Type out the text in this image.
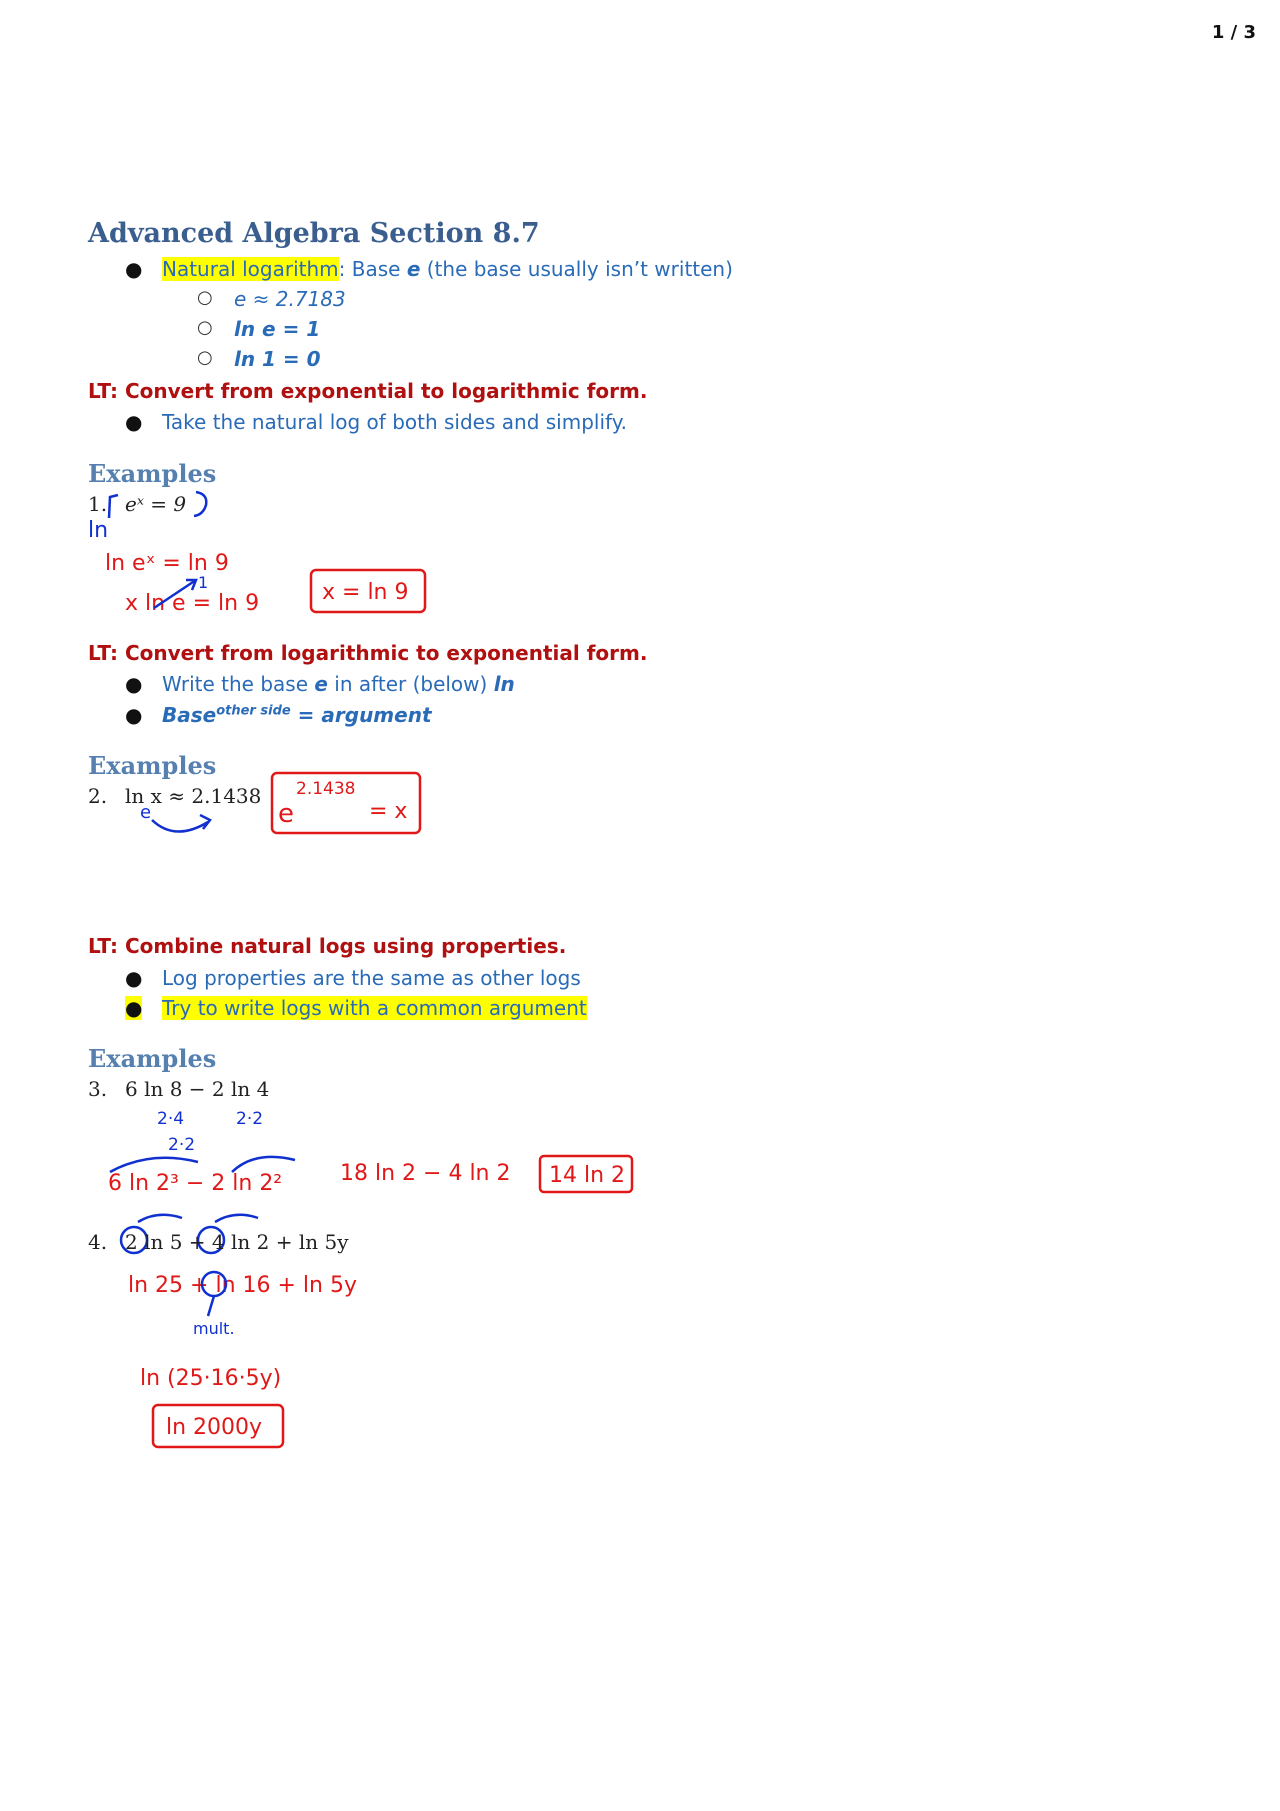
1 / 3
Advanced Algebra Section 8.7
● Natural logarithm: Base e (the base usually isn’t written)
○ e ≈ 2.7183
○ ln e = 1
○ ln 1 = 0
LT: Convert from exponential to logarithmic form.
● Take the natural log of both sides and simplify.
Examples
1. eˣ = 9
ln
ln eˣ = ln 9
x ln e = ln 9
1	x = ln 9
e
2.1438
e	= x
2·4	2·2
2·2
6 ln 2³ − 2 ln 2²	18 ln 2 − 4 ln 2 14 ln 2
ln 25 + ln 16 + ln 5y
mult.
ln (25·16·5y)
ln 2000y
LT: Convert from logarithmic to exponential form.
● Write the base e in after (below) ln
● Base$^{other side}$ = argument
Examples
2. ln x ≈ 2.1438
LT: Combine natural logs using properties.
● Log properties are the same as other logs
● Try to write logs with a common argument
Examples
3. 6 ln 8 − 2 ln 4
4. 2 ln 5 + 4 ln 2 + ln 5y
